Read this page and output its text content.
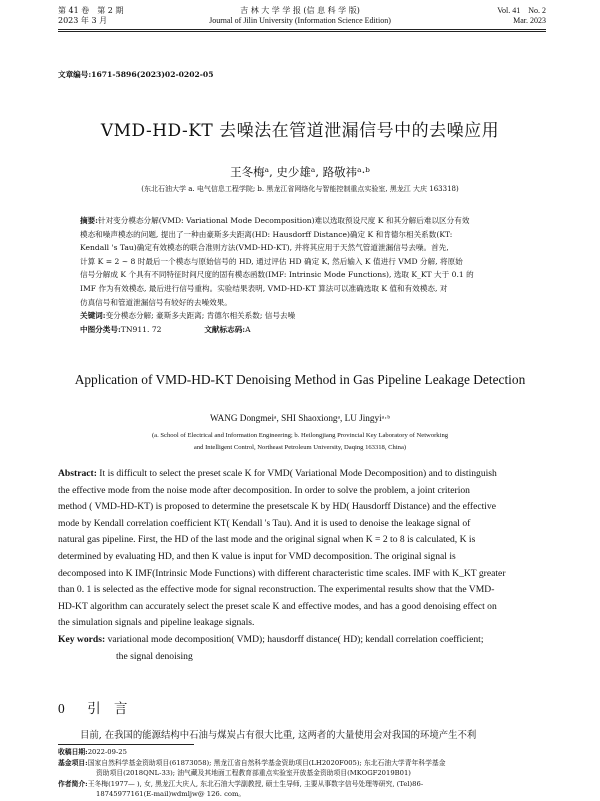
第 41 卷　第 2 期
2023 年 3 月
吉 林 大 学 学 报 (信 息 科 学 版)
Journal of Jilin University (Information Science Edition)
Vol. 41　No. 2
Mar. 2023
文章编号:1671-5896(2023)02-0202-05
VMD-HD-KT 去噪法在管道泄漏信号中的去噪应用
王冬梅ᵃ, 史少雄ᵃ, 路敬祎ᵃ·ᵇ
(东北石油大学 a. 电气信息工程学院; b. 黑龙江省网络化与智能控制重点实验室, 黑龙江 大庆 163318)
摘要:针对变分模态分解(VMD: Variational Mode Decomposition)难以选取预设尺度 K 和其分解后难以区分有效
模态和噪声模态的问题, 提出了一种由豪斯多夫距离(HD: Hausdorff Distance)确定 K 和肯德尔相关系数(KT:
Kendall 's Tau)确定有效模态的联合准则方法(VMD-HD-KT), 并将其应用于天然气管道泄漏信号去噪。首先,
计算 K = 2 ~ 8 时最后一个模态与原始信号的 HD, 通过评估 HD 确定 K, 然后输入 K 值进行 VMD 分解, 将原始
信号分解成 K 个具有不同特征时间尺度的固有模态函数(IMF: Intrinsic Mode Functions), 选取 K_KT 大于 0.1 的
IMF 作为有效模态, 最后进行信号重构。实验结果表明, VMD-HD-KT 算法可以准确选取 K 值和有效模态, 对
仿真信号和管道泄漏信号有较好的去噪效果。
关键词:变分模态分解; 豪斯多夫距离; 肯德尔相关系数; 信号去噪
中图分类号:TN911. 72	文献标志码:A
Application of VMD-HD-KT Denoising Method in Gas Pipeline Leakage Detection
WANG Dongmeiᵃ, SHI Shaoxiongᵃ, LU Jingyiᵃ·ᵇ
(a. School of Electrical and Information Engineering; b. Heilongjiang Provincial Key Laboratory of Networking
and Intelligent Control, Northeast Petroleum University, Daqing 163318, China)
Abstract: It is difficult to select the preset scale K for VMD( Variational Mode Decomposition) and to distinguish
the effective mode from the noise mode after decomposition. In order to solve the problem, a joint criterion
method ( VMD-HD-KT) is proposed to determine the presetscale K by HD( Hausdorff Distance) and the effective
mode by Kendall correlation coefficient KT( Kendall 's Tau). And it is used to denoise the leakage signal of
natural gas pipeline. First, the HD of the last mode and the original signal when K = 2 to 8 is calculated, K is
determined by evaluating HD, and then K value is input for VMD decomposition. The original signal is
decomposed into K IMF(Intrinsic Mode Functions) with different characteristic time scales. IMF with K_KT greater
than 0. 1 is selected as the effective mode for signal reconstruction. The experimental results show that the VMD-
HD-KT algorithm can accurately select the preset scale K and effective modes, and has a good denoising effect on
the simulation signals and pipeline leakage signals.
Key words: variational mode decomposition( VMD); hausdorff distance( HD); kendall correlation coefficient;
the signal denoising
0 引　言
目前, 在我国的能源结构中石油与煤炭占有很大比重, 这两者的大量使用会对我国的环境产生不利
收稿日期:2022-09-25
基金项目:国家自然科学基金资助项目(61873058); 黑龙江省自然科学基金资助项目(LH2020F005); 东北石油大学青年科学基金
资助项目(2018QNL-33); 油气藏及其地面工程教育部重点实验室开放基金资助项目(MKOGF2019B01)
作者简介:王冬梅(1977— ), 女, 黑龙江大庆人, 东北石油大学副教授, 硕士生导师, 主要从事数字信号处理等研究, (Tel)86-
18745977161(E-mail)wdmljw@ 126. com。
